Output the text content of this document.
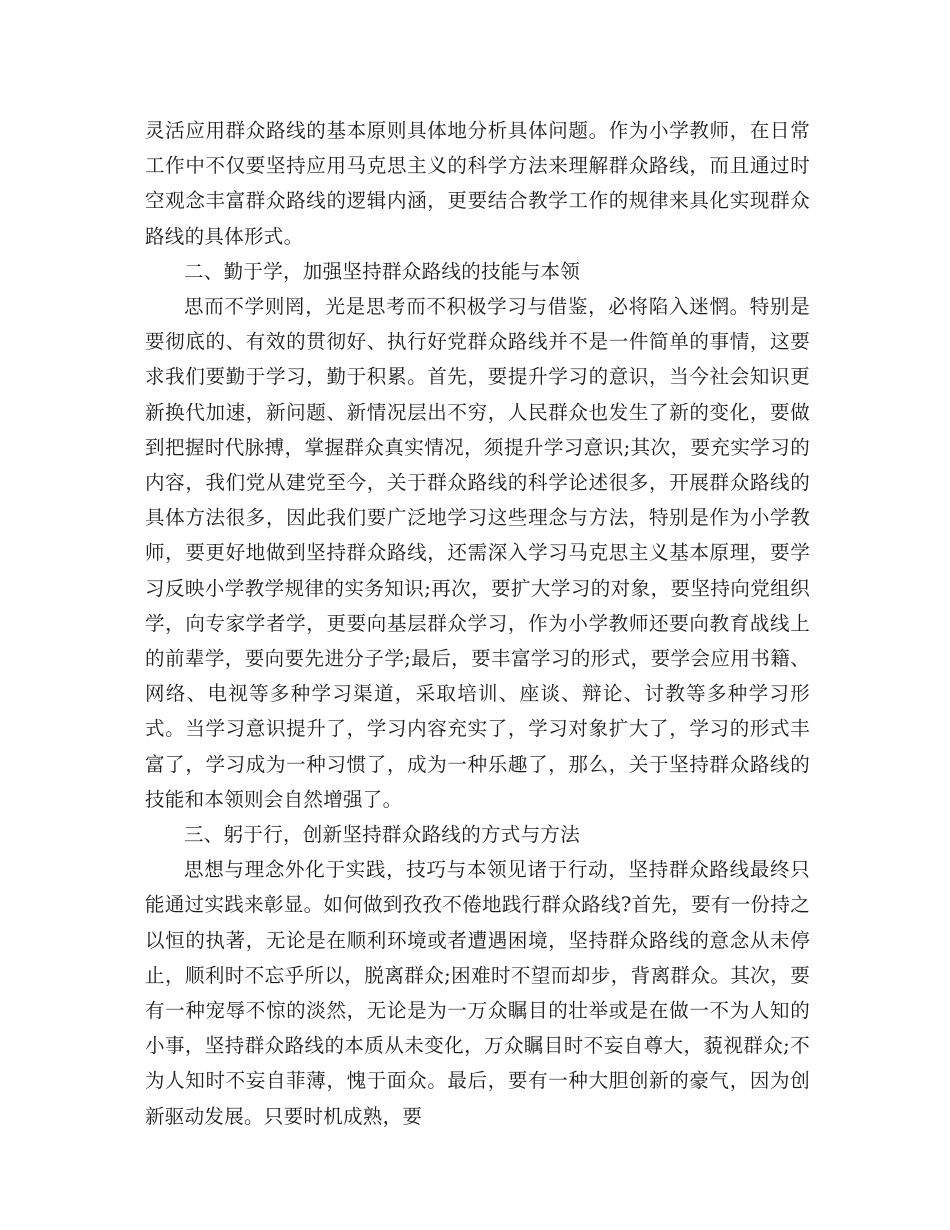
灵活应用群众路线的基本原则具体地分析具体问题。作为小学教师，在日常工作中不仅要坚持应用马克思主义的科学方法来理解群众路线，而且通过时空观念丰富群众路线的逻辑内涵，更要结合教学工作的规律来具化实现群众路线的具体形式。

二、勤于学，加强坚持群众路线的技能与本领

思而不学则罔，光是思考而不积极学习与借鉴，必将陷入迷惘。特别是要彻底的、有效的贯彻好、执行好党群众路线并不是一件简单的事情，这要求我们要勤于学习，勤于积累。首先，要提升学习的意识，当今社会知识更新换代加速，新问题、新情况层出不穷，人民群众也发生了新的变化，要做到把握时代脉搏，掌握群众真实情况，须提升学习意识;其次，要充实学习的内容，我们党从建党至今，关于群众路线的科学论述很多，开展群众路线的具体方法很多，因此我们要广泛地学习这些理念与方法，特别是作为小学教师，要更好地做到坚持群众路线，还需深入学习马克思主义基本原理，要学习反映小学教学规律的实务知识;再次，要扩大学习的对象，要坚持向党组织学，向专家学者学，更要向基层群众学习，作为小学教师还要向教育战线上的前辈学，要向要先进分子学;最后，要丰富学习的形式，要学会应用书籍、网络、电视等多种学习渠道，采取培训、座谈、辩论、讨教等多种学习形式。当学习意识提升了，学习内容充实了，学习对象扩大了，学习的形式丰富了，学习成为一种习惯了，成为一种乐趣了，那么，关于坚持群众路线的技能和本领则会自然增强了。

三、躬于行，创新坚持群众路线的方式与方法

思想与理念外化于实践，技巧与本领见诸于行动，坚持群众路线最终只能通过实践来彰显。如何做到孜孜不倦地践行群众路线?首先，要有一份持之以恒的执著，无论是在顺利环境或者遭遇困境，坚持群众路线的意念从未停止，顺利时不忘乎所以，脱离群众;困难时不望而却步，背离群众。其次，要有一种宠辱不惊的淡然，无论是为一万众瞩目的壮举或是在做一不为人知的小事，坚持群众路线的本质从未变化，万众瞩目时不妄自尊大，藐视群众;不为人知时不妄自菲薄，愧于面众。最后，要有一种大胆创新的豪气，因为创新驱动发展。只要时机成熟，要
